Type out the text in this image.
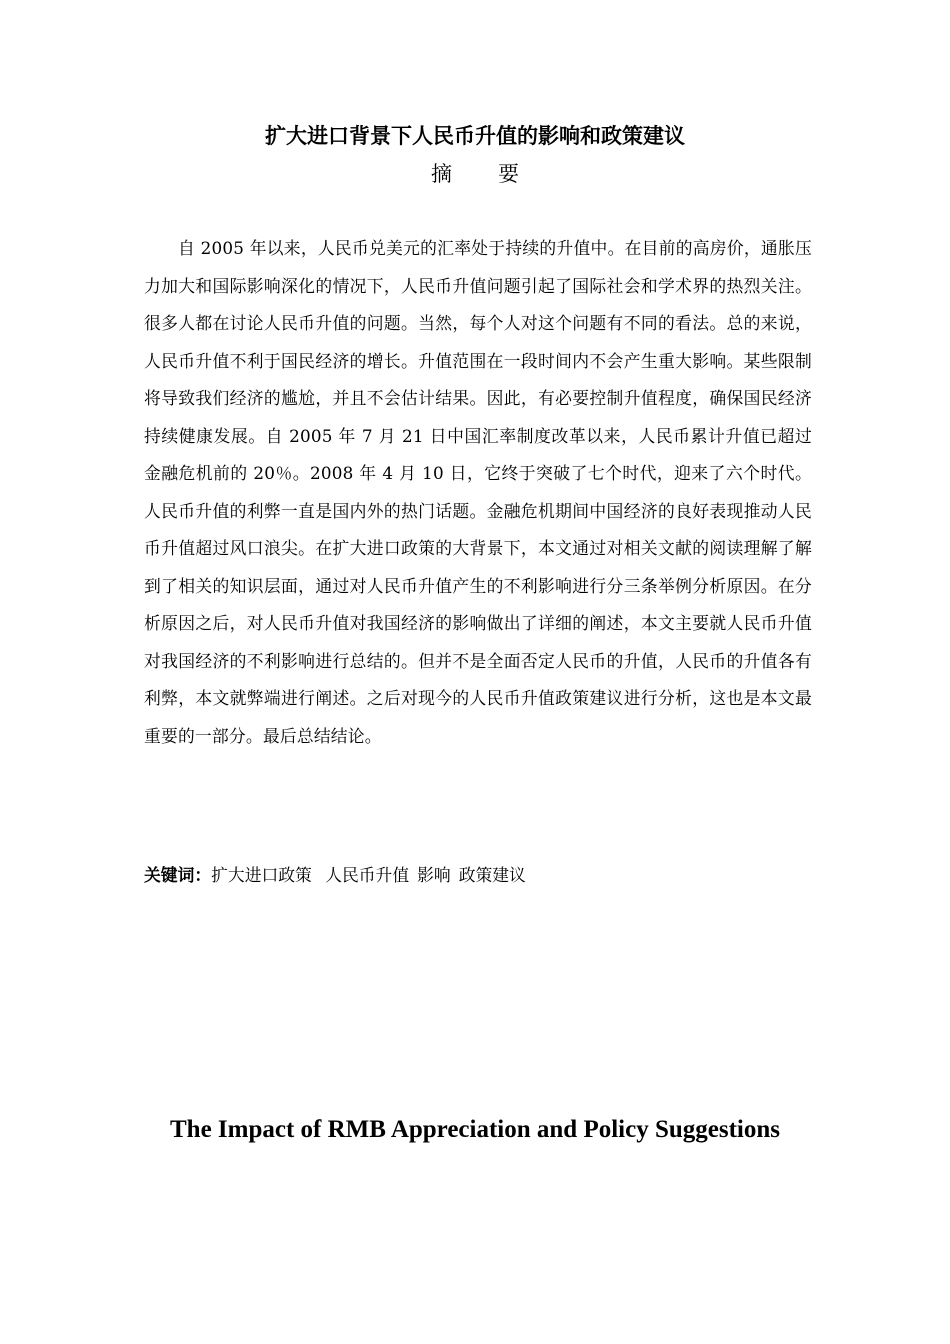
扩大进口背景下人民币升值的影响和政策建议
摘 要

自 2005 年以来，人民币兑美元的汇率处于持续的升值中。在目前的高房价，通胀压力加大和国际影响深化的情况下，人民币升值问题引起了国际社会和学术界的热烈关注。很多人都在讨论人民币升值的问题。当然，每个人对这个问题有不同的看法。总的来说，人民币升值不利于国民经济的增长。升值范围在一段时间内不会产生重大影响。某些限制将导致我们经济的尴尬，并且不会估计结果。因此，有必要控制升值程度，确保国民经济持续健康发展。自 2005 年 7 月 21 日中国汇率制度改革以来，人民币累计升值已超过金融危机前的 20％。2008 年 4 月 10 日，它终于突破了七个时代，迎来了六个时代。人民币升值的利弊一直是国内外的热门话题。金融危机期间中国经济的良好表现推动人民币升值超过风口浪尖。在扩大进口政策的大背景下，本文通过对相关文献的阅读理解了解到了相关的知识层面，通过对人民币升值产生的不利影响进行分三条举例分析原因。在分析原因之后，对人民币升值对我国经济的影响做出了详细的阐述，本文主要就人民币升值对我国经济的不利影响进行总结的。但并不是全面否定人民币的升值，人民币的升值各有利弊，本文就弊端进行阐述。之后对现今的人民币升值政策建议进行分析，这也是本文最重要的一部分。最后总结结论。

关键词：扩大进口政策 人民币升值 影响 政策建议

The Impact of RMB Appreciation and Policy Suggestions
